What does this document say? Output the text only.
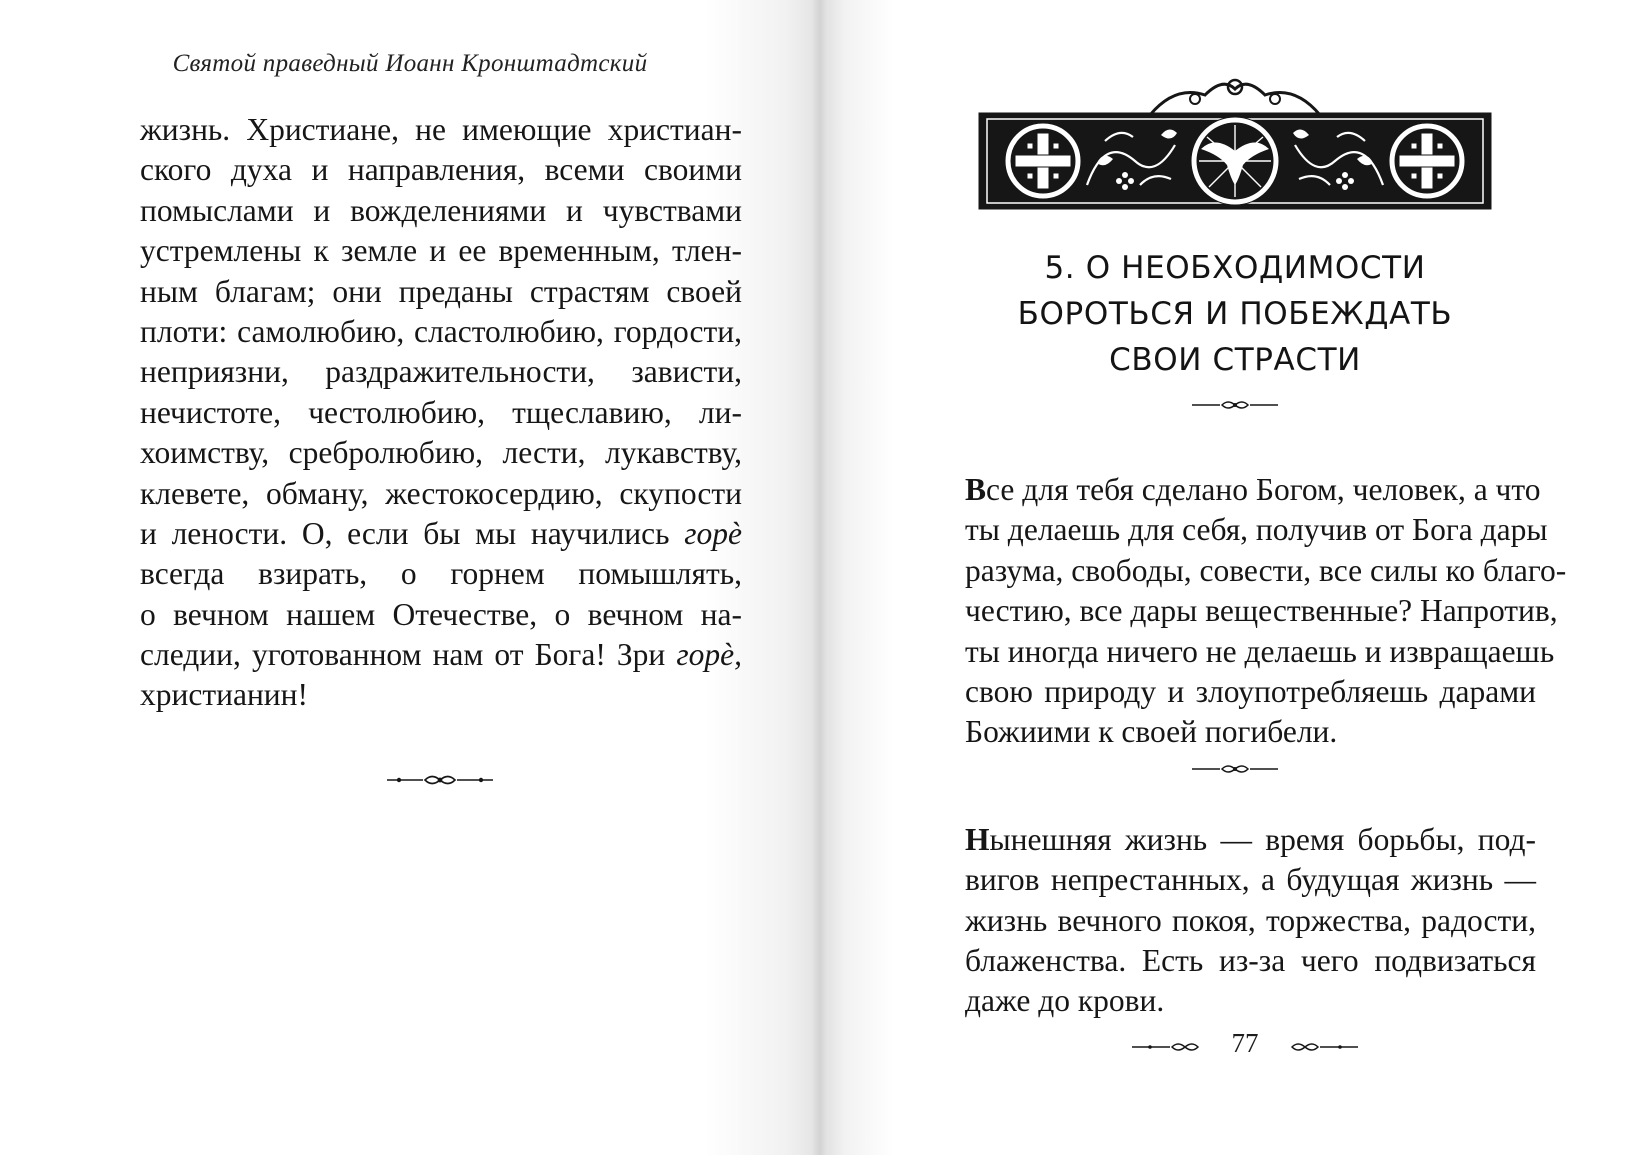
Святой праведный Иоанн Кронштадтский
жизнь. Христиане, не имеющие христиан-
ского духа и направления, всеми своими
помыслами и вожделениями и чувствами
устремлены к земле и ее временным, тлен-
ным благам; они преданы страстям своей
плоти: самолюбию, сластолюбию, гордости,
неприязни, раздражительности, зависти,
нечистоте, честолюбию, тщеславию, ли-
хоимству, сребролюбию, лести, лукавству,
клевете, обману, жестокосердию, скупости
и лености. О, если бы мы научились горѐ
всегда взирать, о горнем помышлять,
о вечном нашем Отечестве, о вечном на-
следии, уготованном нам от Бога! Зри горѐ,
христианин!
5. О НЕОБХОДИМОСТИ
БОРОТЬСЯ И ПОБЕЖДАТЬ
СВОИ СТРАСТИ
Все для тебя сделано Богом, человек, а что
ты делаешь для себя, получив от Бога дары
разума, свободы, совести, все силы ко благо-
честию, все дары вещественные? Напротив,
ты иногда ничего не делаешь и извращаешь
свою природу и злоупотребляешь дарами
Божиими к своей погибели.
Нынешняя жизнь — время борьбы, под-
вигов непрестанных, а будущая жизнь —
жизнь вечного покоя, торжества, радости,
блаженства. Есть из-за чего подвизаться
даже до крови.
77
